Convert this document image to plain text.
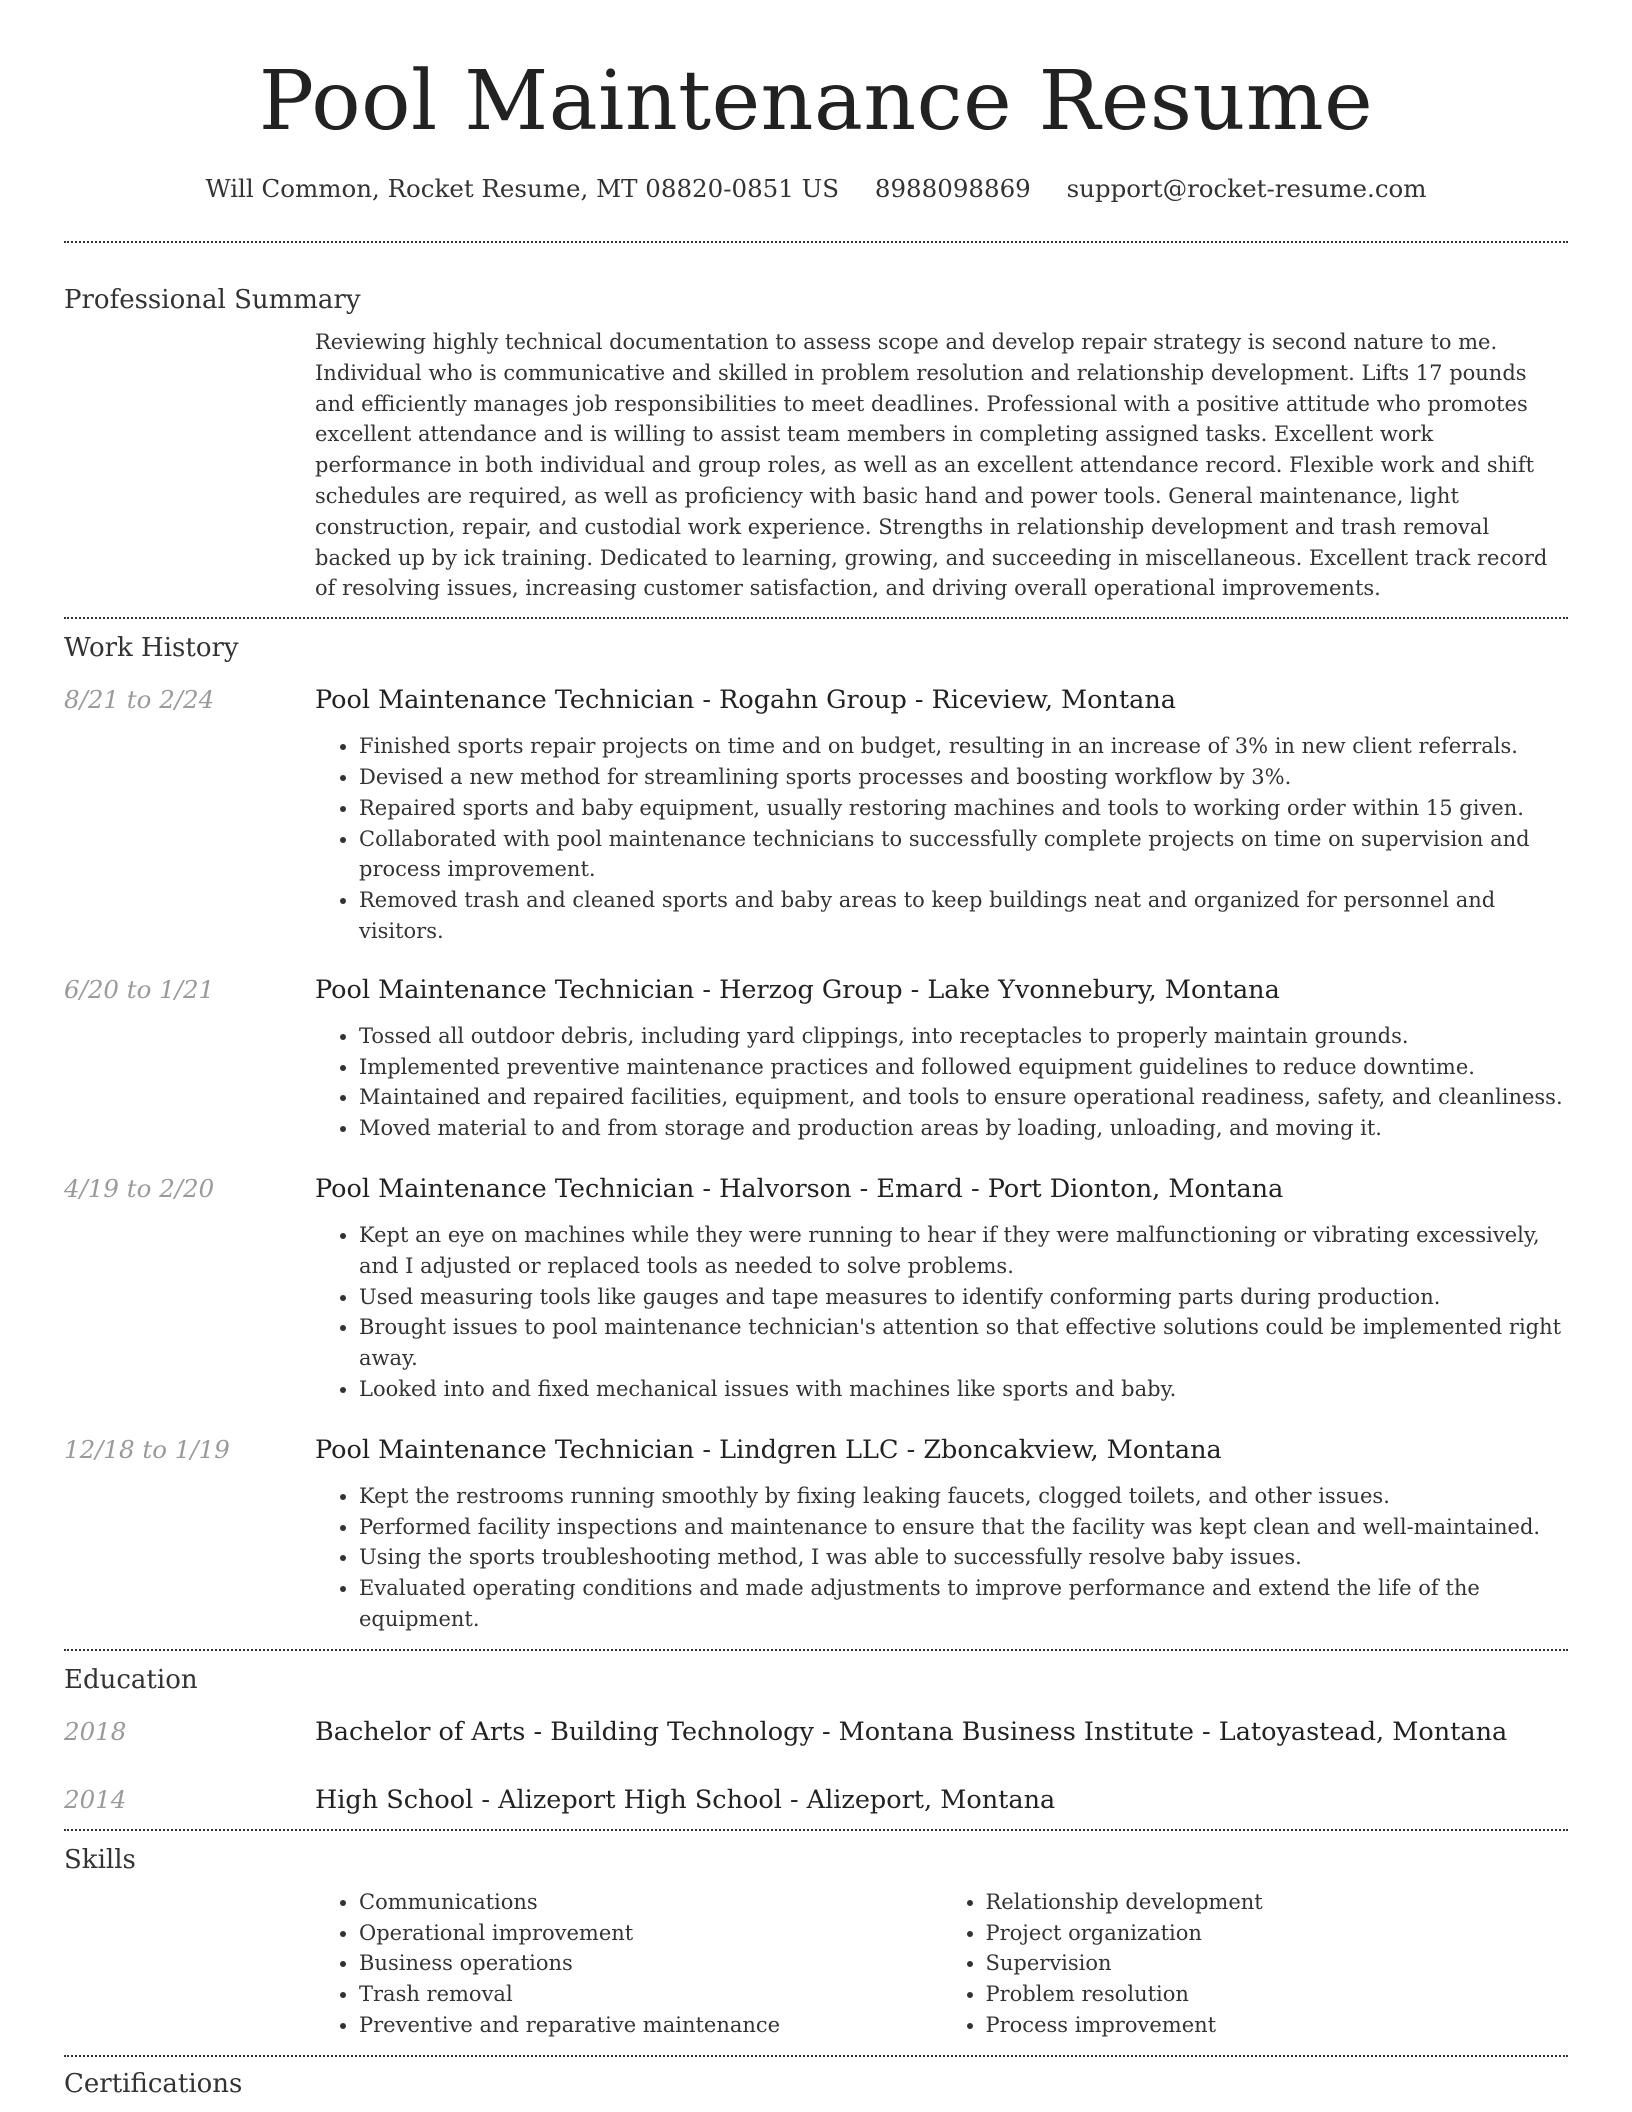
Pool Maintenance Resume
Will Common, Rocket Resume, MT 08820-0851 US 8988098869 support@rocket-resume.com
Professional Summary

Reviewing highly technical documentation to assess scope and develop repair strategy is second nature to me. Individual who is communicative and skilled in problem resolution and relationship development. Lifts 17 pounds and efficiently manages job responsibilities to meet deadlines. Professional with a positive attitude who promotes excellent attendance and is willing to assist team members in completing assigned tasks. Excellent work performance in both individual and group roles, as well as an excellent attendance record. Flexible work and shift schedules are required, as well as proficiency with basic hand and power tools. General maintenance, light construction, repair, and custodial work experience. Strengths in relationship development and trash removal backed up by ick training. Dedicated to learning, growing, and succeeding in miscellaneous. Excellent track record of resolving issues, increasing customer satisfaction, and driving overall operational improvements.

Work History
8/21 to 2/24	Pool Maintenance Technician - Rogahn Group - Riceview, Montana
• Finished sports repair projects on time and on budget, resulting in an increase of 3% in new client referrals.
• Devised a new method for streamlining sports processes and boosting workflow by 3%.
• Repaired sports and baby equipment, usually restoring machines and tools to working order within 15 given.
• Collaborated with pool maintenance technicians to successfully complete projects on time on supervision and process improvement.
• Removed trash and cleaned sports and baby areas to keep buildings neat and organized for personnel and visitors.
6/20 to 1/21	Pool Maintenance Technician - Herzog Group - Lake Yvonnebury, Montana
• Tossed all outdoor debris, including yard clippings, into receptacles to properly maintain grounds.
• Implemented preventive maintenance practices and followed equipment guidelines to reduce downtime.
• Maintained and repaired facilities, equipment, and tools to ensure operational readiness, safety, and cleanliness.
• Moved material to and from storage and production areas by loading, unloading, and moving it.
4/19 to 2/20	Pool Maintenance Technician - Halvorson - Emard - Port Dionton, Montana
• Kept an eye on machines while they were running to hear if they were malfunctioning or vibrating excessively, and I adjusted or replaced tools as needed to solve problems.
• Used measuring tools like gauges and tape measures to identify conforming parts during production.
• Brought issues to pool maintenance technician's attention so that effective solutions could be implemented right away.
• Looked into and fixed mechanical issues with machines like sports and baby.
12/18 to 1/19	Pool Maintenance Technician - Lindgren LLC - Zboncakview, Montana
• Kept the restrooms running smoothly by fixing leaking faucets, clogged toilets, and other issues.
• Performed facility inspections and maintenance to ensure that the facility was kept clean and well-maintained.
• Using the sports troubleshooting method, I was able to successfully resolve baby issues.
• Evaluated operating conditions and made adjustments to improve performance and extend the life of the equipment.
Education
2018	Bachelor of Arts - Building Technology - Montana Business Institute - Latoyastead, Montana
2014	High School - Alizeport High School - Alizeport, Montana
Skills
• Communications
• Operational improvement
• Business operations
• Trash removal
• Preventive and reparative maintenance
• Relationship development
• Project organization
• Supervision
• Problem resolution
• Process improvement
Certifications
